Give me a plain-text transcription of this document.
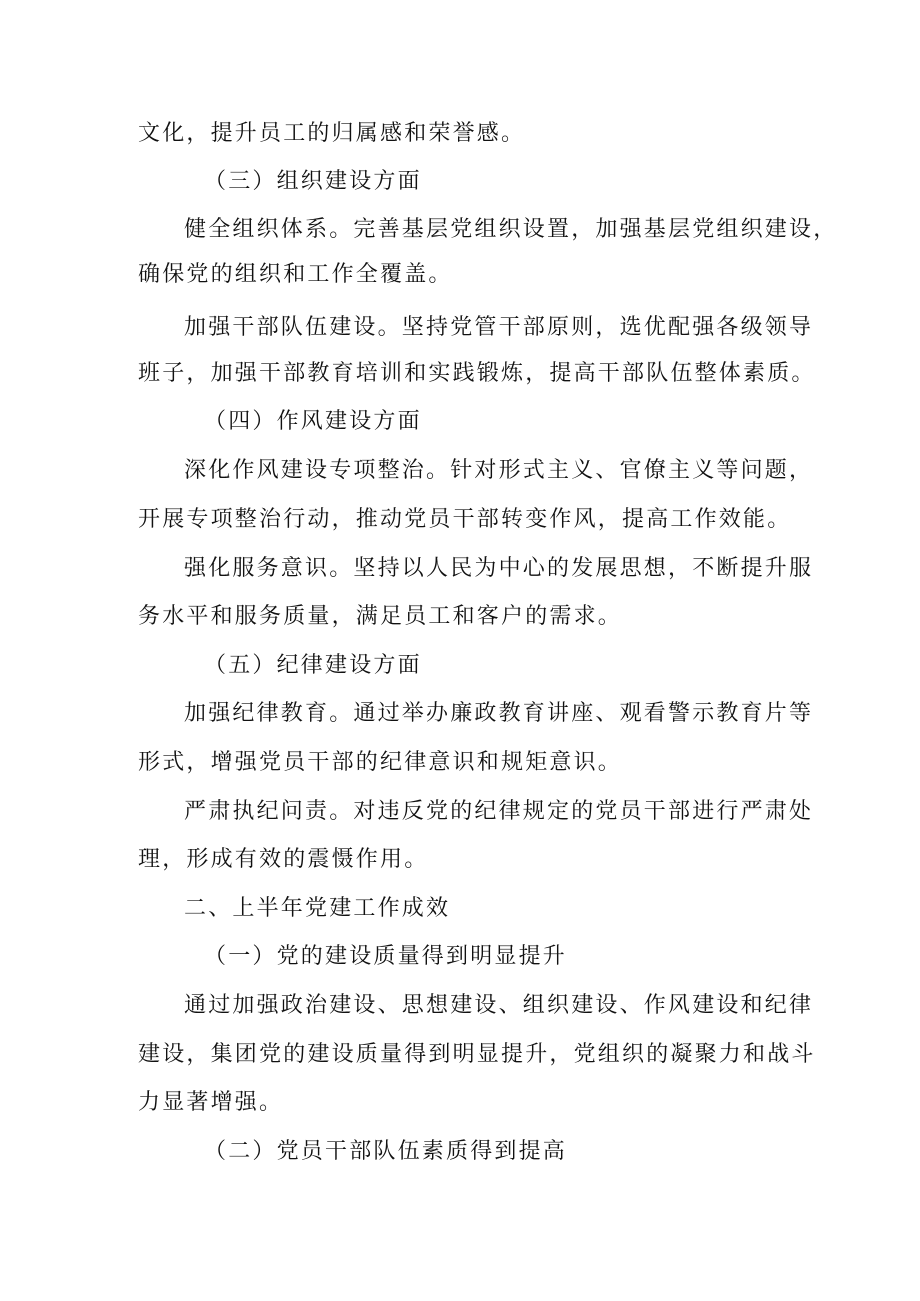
文化，提升员工的归属感和荣誉感。

（三）组织建设方面

健全组织体系。完善基层党组织设置，加强基层党组织建设，

确保党的组织和工作全覆盖。

加强干部队伍建设。坚持党管干部原则，选优配强各级领导

班子，加强干部教育培训和实践锻炼，提高干部队伍整体素质。

（四）作风建设方面

深化作风建设专项整治。针对形式主义、官僚主义等问题，

开展专项整治行动，推动党员干部转变作风，提高工作效能。

强化服务意识。坚持以人民为中心的发展思想，不断提升服

务水平和服务质量，满足员工和客户的需求。

（五）纪律建设方面

加强纪律教育。通过举办廉政教育讲座、观看警示教育片等

形式，增强党员干部的纪律意识和规矩意识。

严肃执纪问责。对违反党的纪律规定的党员干部进行严肃处

理，形成有效的震慑作用。

二、上半年党建工作成效

（一）党的建设质量得到明显提升

通过加强政治建设、思想建设、组织建设、作风建设和纪律

建设，集团党的建设质量得到明显提升，党组织的凝聚力和战斗

力显著增强。

（二）党员干部队伍素质得到提高
